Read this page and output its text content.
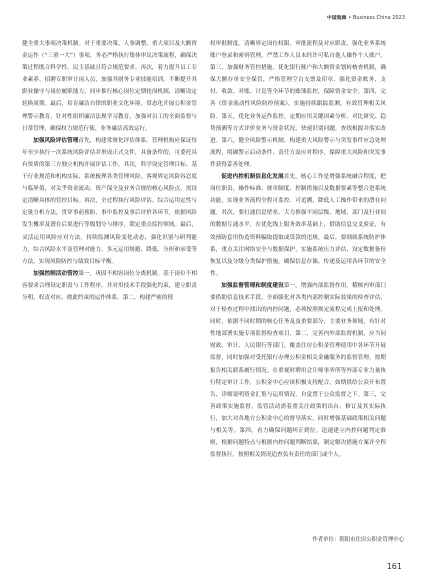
中国集舞 • Business China 2023

健全重大事项决策机制。对于重要决策、人事调整、重大项目及大额资金运作（“三重一大”）事项，务必严格执行集体审议决策流程，确保决策过程既合科学性、民主基础且符合规范要求。再次，着力提升员工专业素养。招聘专职审计岗人员，加强其财务专业技能培训，不断提升其职业操守与岗位履职能力，同步推行核心岗位定期轮岗机制，清晰设定轮换周期。最后，培育廉洁自律的职业文化环境。常态化开展公积金管理警示教育，针对性组织廉洁法规学习教育，加强对员工的全面监督与日常管理，确保权力规范行使、业务廉洁高效运行。

加强风险评估管理首先，构建常规化评估体系。管理机构应保证每年至少执行一次系统风险评估并形成正式文件，具备条件的，可委托具有资质的第三方独立机构开展评估工作，其次，科学设定管理目标。基于行业规范和机构实际，系统梳理各类管理风险，客观界定风险容忍度与临界值，对关乎资金流动、资产保全及业务合规的核心风险点，需设定清晰具体的管控目标。再次，全过程执行风险评估。综合运用定性与定量分析方法，贯穿事前预防、事中监控及事后评价各环节，依据风险发生概率及潜在后果进行等级划分与排序，锁定重点监控领域。最后，灵活运用风险应对方法。持续监测风险变化动态，强化识别与研判能力，综合风险水平及管理对能力，多元运用规避、降低、分担和承受等方法，实现风险防控与绩效目标平衡。

加强控制活动管控第一，巩固不相容岗位分离机制。基于岗位不相容要求合理设定职责与工作程序，并对用技术手段强化约束，建立职责分明、权责对应、彼此约束的运作体系。第二，构建严密的授

权审批制度。清晰界定岗位权限、审批流程及对应职责，强化业务系统账户登录和密码管理，严禁工作人员未经许可私自他人操作个人账户。第三，加强财务管控措施。优化银行账户和大额资金划转核查机制，确保大额存单安全保管，严格管理空白支票及印章，强化资金账务、支付、收款、对账、计息等全环节的账簿监控，保障资金安全。第四，完善《资金流动性风险防控预案》，实施持续跟踪监测，有效管理相关风险。第五，优化业务运作监控，定期应用关键因素分析、对比研究、趋势预测等方式评价业务与资金状况，快速识别问题，查找根源并落实改进。第六，健全风险警示机制，构建重大风险警示与突发事件应急处理流程，明确警示启动条件、责任方及应对程序，保障重大风险和突发事件获得妥善处理。

促进内控机制信息化发展首先，核心工作是增强系统融合程度，把岗位职责、操作标准、规章制度、控制措施以及数据要素等整合进系统功能，实现业务流程全程可监控、可追溯，降低人工操作带来的潜在问题。其次，要打通信息壁垒，大力推强不同层级、地域、部门及行业间的数据互通水平，在优化线上服务效率基础上，借助信息交叉验证，有效预防套用伪造资料骗取提取或贷款的违规。最后，要细致系统防护体系，重点关注网络安全与数据保护，实施系统压力评估，设定数据备份恢复以及分级分类保护措施，确保信息存储、传递及运用各环节的安全性。

加强监督管理和制度建设第一，增强内部监督作用。稽核内审部门要借助信息技术手段，全面强化对各类内部控制实际效果的检查评估，对于检查过程中找出的内控问题，必须按照规定流程完成上报和处理。同时，依据不同时期的核心任务及及重要部分，主要业务领域，有针对性地部署实施专项监督检查项目，第二，完善内外部监督机制，应当同财政、审计、人民银行等部门，覆盖住房公积金管理使用中各环节开展监督，同时加强对受托银行办理公积金相关金融服务的监督管理，按期报告相关联系履行情况。在重视时聘用会计师事务所等外部专业力量执行特定审计工作，公积金中心应该积极支持配合，如期供给公众开布置告，详细说明资金汇集与运用情况，自觉置于公众监督之下。第三，完善政策实施监督。监管活动需着重关注政策的出台、修订及其实际执行，加大对各地方公积金中心的督导落实，同时增强基础政策相关问题与相关等。第四，看力确保问题纠正到位。迅速建立内控问题判定准则，根据问题特点与根据内控问题判断结果，制定解决措施方案并全程监督执行，按照相关情况追查负有责任的部门或个人。

作者单位：朝阳市住房公积金管理中心
161
